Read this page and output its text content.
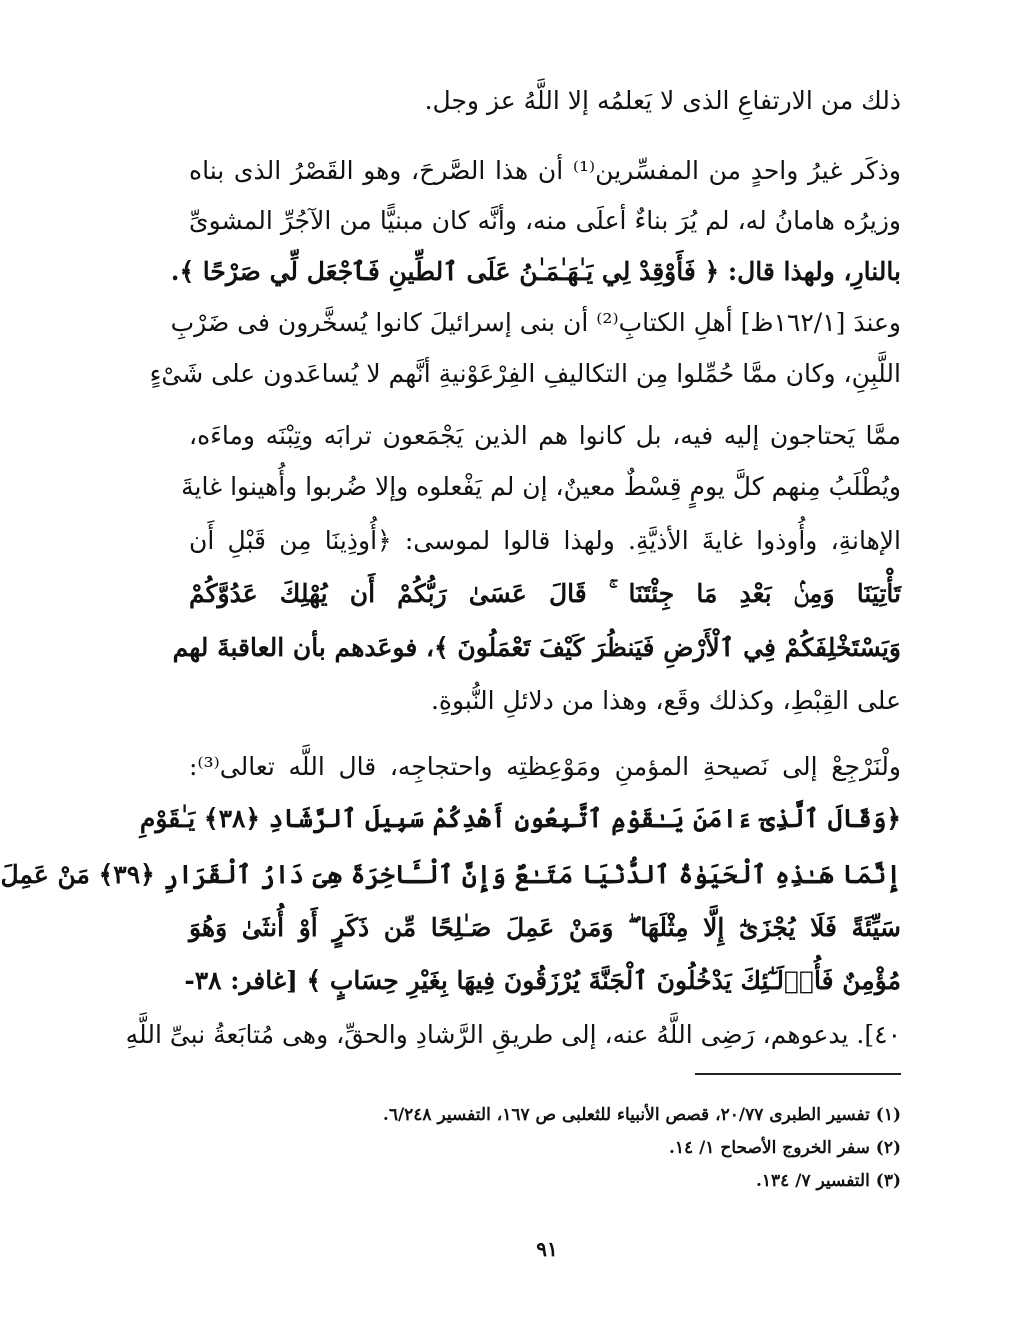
ذلك من الارتفاعِ الذى لا يَعلمُه إلا اللَّهُ عز وجل.
وذكَر غيرُ واحدٍ من المفسِّرين⁽¹⁾ أن هذا الصَّرحَ، وهو القَصْرُ الذى بناه
وزيرُه هامانُ له، لم يُرَ بناءٌ أعلَى منه، وأنَّه كان مبنيًّا من الآجُرِّ المشوىِّ
بالنارِ، ولهذا قال: ﴿ فَأَوْقِدْ لِي يَـٰهَـٰمَـٰنُ عَلَى ٱلطِّينِ فَٱجْعَل لِّي صَرْحًا ﴾.
وعندَ [١٦٢/١ظ] أهلِ الكتابِ⁽²⁾ أن بنى إسرائيلَ كانوا يُسخَّرون فى ضَرْبِ
اللَّبِنِ، وكان ممَّا حُمِّلوا مِن التكاليفِ الفِرْعَوْنيةِ أنَّهم لا يُساعَدون على شَىْءٍ
ممَّا يَحتاجون إليه فيه، بل كانوا هم الذين يَجْمَعون ترابَه وتِبْنَه وماءَه،
ويُطْلَبُ مِنهم كلَّ يومٍ قِسْطٌ معينٌ، إن لم يَفْعلوه وإلا ضُربوا وأُهينوا غايةَ
الإهانةِ، وأُوذوا غايةَ الأذيَّةِ. ولهذا قالوا لموسى: ﴿أُوذِينَا مِن قَبْلِ أَن
تَأْتِيَنَا وَمِنۢ بَعْدِ مَا جِئْتَنَا ۚ قَالَ عَسَىٰ رَبُّكُمْ أَن يُهْلِكَ عَدُوَّكُمْ
وَيَسْتَخْلِفَكُمْ فِي ٱلْأَرْضِ فَيَنظُرَ كَيْفَ تَعْمَلُونَ ﴾، فوعَدهم بأن العاقبةَ لهم
على القِبْطِ، وكذلك وقَع، وهذا من دلائلِ النُّبوةِ.
ولْنَرْجِعْ إلى نَصيحةِ المؤمنِ ومَوْعِظتِه واحتجاجِه، قال اللَّه تعالى⁽³⁾:
﴿وَقَالَ ٱلَّذِىٓ ءَامَنَ يَـٰقَوْمِ ٱتَّبِعُونِ أَهْدِكُمْ سَبِيلَ ٱلرَّشَادِ ﴿٣٨﴾ يَـٰقَوْمِ
إِنَّمَا هَـٰذِهِ ٱلْحَيَوٰةُ ٱلدُّنْيَا مَتَـٰعٌ وَإِنَّ ٱلْـَٔاخِرَةَ هِىَ دَارُ ٱلْقَرَارِ ﴿٣٩﴾ مَنْ عَمِلَ
سَيِّئَةً فَلَا يُجْزَىٰٓ إِلَّا مِثْلَهَا ۖ وَمَنْ عَمِلَ صَـٰلِحًا مِّن ذَكَرٍ أَوْ أُنثَىٰ وَهُوَ
مُؤْمِنٌ فَأُو۟لَـٰٓئِكَ يَدْخُلُونَ ٱلْجَنَّةَ يُرْزَقُونَ فِيهَا بِغَيْرِ حِسَابٍ ﴾ [غافر: ٣٨-
٤٠]. يدعوهم، رَضِى اللَّهُ عنه، إلى طريقِ الرَّشادِ والحقِّ، وهى مُتابَعةُ نبىِّ اللَّهِ
(١) تفسير الطبرى ٢٠/٧٧، قصص الأنبياء للثعلبى ص ١٦٧، التفسير ٦/٢٤٨.
(٢) سفر الخروج الأصحاح ١/ ١٤.
(٣) التفسير ٧/ ١٣٤.
٩١
